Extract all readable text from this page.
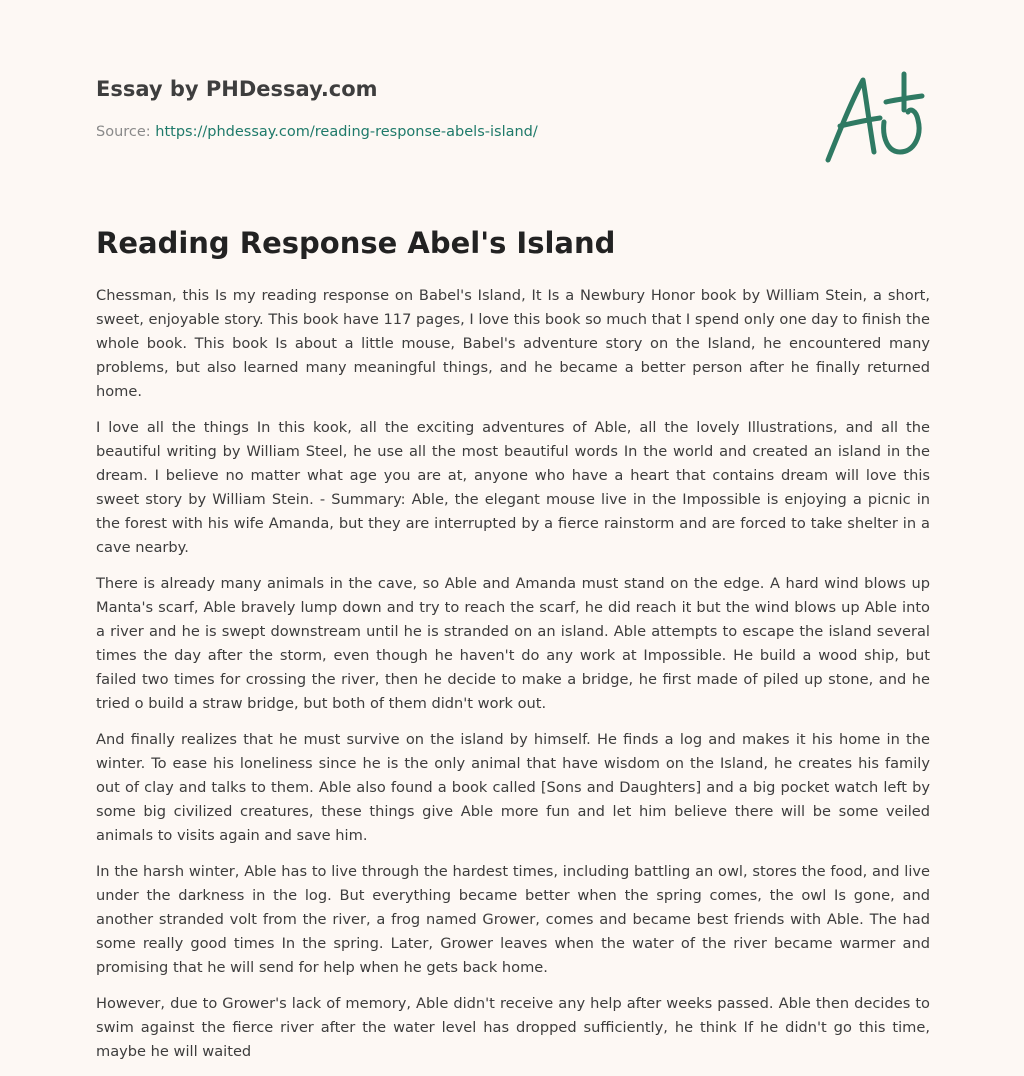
Essay by PHDessay.com
Source: https://phdessay.com/reading-response-abels-island/
Reading Response Abel's Island

Chessman, this Is my reading response on Babel's Island, It Is a Newbury Honor book by William Stein, a short, sweet, enjoyable story. This book have 117 pages, I love this book so much that I spend only one day to finish the whole book. This book Is about a little mouse, Babel's adventure story on the Island, he encountered many problems, but also learned many meaningful things, and he became a better person after he finally returned home.

I love all the things In this kook, all the exciting adventures of Able, all the lovely Illustrations, and all the beautiful writing by William Steel, he use all the most beautiful words In the world and created an island in the dream. I believe no matter what age you are at, anyone who have a heart that contains dream will love this sweet story by William Stein. - Summary: Able, the elegant mouse live in the Impossible is enjoying a picnic in the forest with his wife Amanda, but they are interrupted by a fierce rainstorm and are forced to take shelter in a cave nearby.

There is already many animals in the cave, so Able and Amanda must stand on the edge. A hard wind blows up Manta's scarf, Able bravely lump down and try to reach the scarf, he did reach it but the wind blows up Able into a river and he is swept downstream until he is stranded on an island. Able attempts to escape the island several times the day after the storm, even though he haven't do any work at Impossible. He build a wood ship, but failed two times for crossing the river, then he decide to make a bridge, he first made of piled up stone, and he tried o build a straw bridge, but both of them didn't work out.

And finally realizes that he must survive on the island by himself. He finds a log and makes it his home in the winter. To ease his loneliness since he is the only animal that have wisdom on the Island, he creates his family out of clay and talks to them. Able also found a book called [Sons and Daughters] and a big pocket watch left by some big civilized creatures, these things give Able more fun and let him believe there will be some veiled animals to visits again and save him.

In the harsh winter, Able has to live through the hardest times, including battling an owl, stores the food, and live under the darkness in the log. But everything became better when the spring comes, the owl Is gone, and another stranded volt from the river, a frog named Grower, comes and became best friends with Able. The had some really good times In the spring. Later, Grower leaves when the water of the river became warmer and promising that he will send for help when he gets back home.

However, due to Grower's lack of memory, Able didn't receive any help after weeks passed. Able then decides to swim against the fierce river after the water level has dropped sufficiently, he think If he didn't go this time, maybe he will waited
